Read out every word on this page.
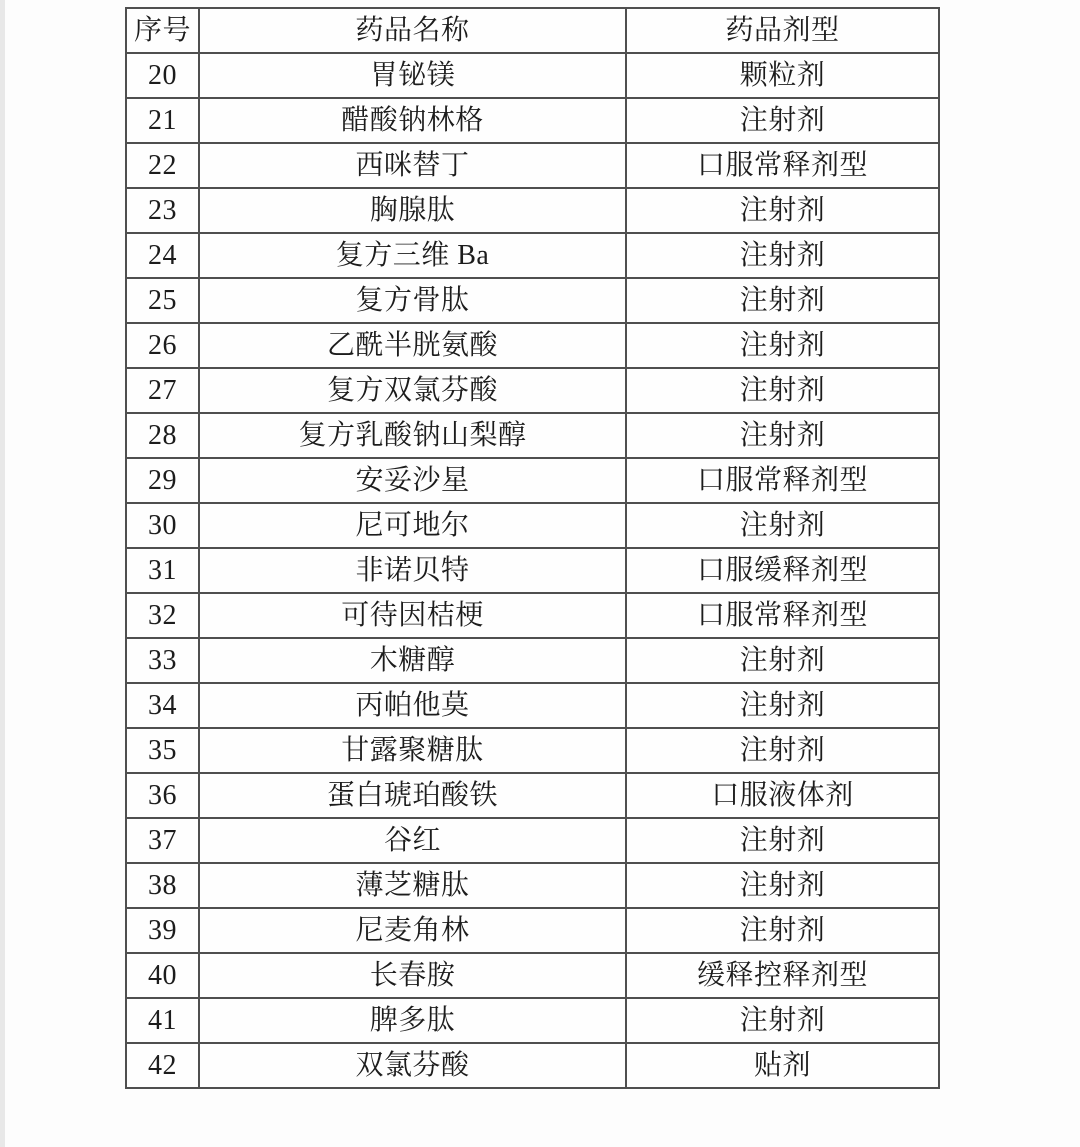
序号	药品名称	药品剂型
20	胃铋镁	颗粒剂
21	醋酸钠林格	注射剂
22	西咪替丁	口服常释剂型
23	胸腺肽	注射剂
24	复方三维 Ba	注射剂
25	复方骨肽	注射剂
26	乙酰半胱氨酸	注射剂
27	复方双氯芬酸	注射剂
28	复方乳酸钠山梨醇	注射剂
29	安妥沙星	口服常释剂型
30	尼可地尔	注射剂
31	非诺贝特	口服缓释剂型
32	可待因桔梗	口服常释剂型
33	木糖醇	注射剂
34	丙帕他莫	注射剂
35	甘露聚糖肽	注射剂
36	蛋白琥珀酸铁	口服液体剂
37	谷红	注射剂
38	薄芝糖肽	注射剂
39	尼麦角林	注射剂
40	长春胺	缓释控释剂型
41	脾多肽	注射剂
42	双氯芬酸	贴剂
